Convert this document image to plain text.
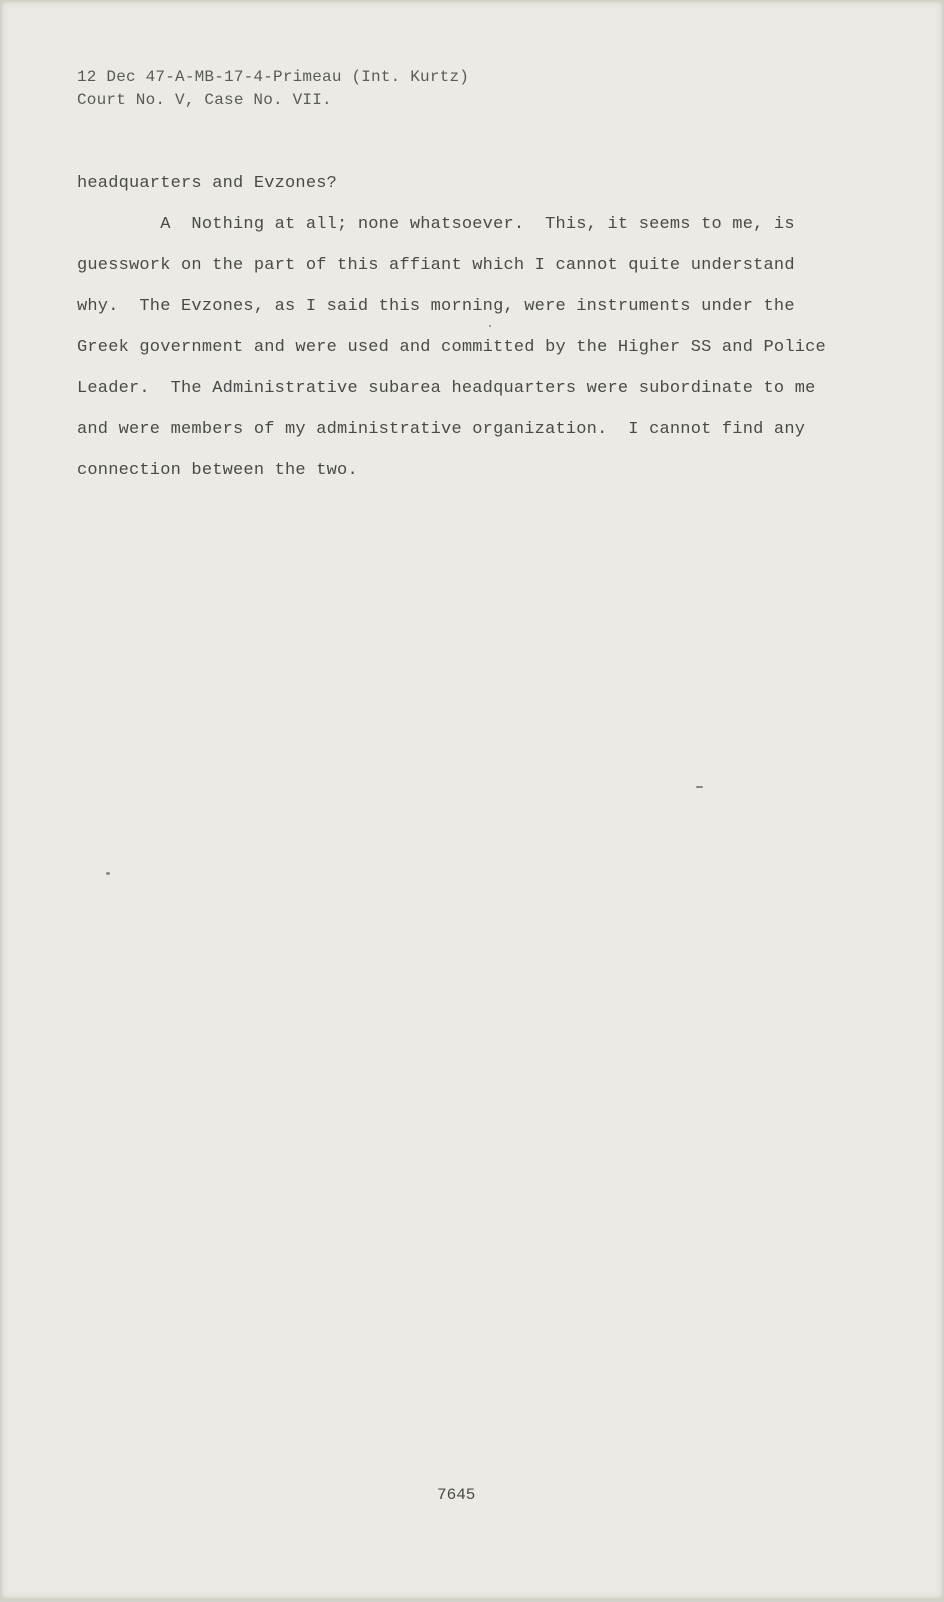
12 Dec 47-A-MB-17-4-Primeau (Int. Kurtz)
Court No. V, Case No. VII.
headquarters and Evzones?
A  Nothing at all; none whatsoever.  This, it seems to me, is
guesswork on the part of this affiant which I cannot quite understand
why.  The Evzones, as I said this morning, were instruments under the
Greek government and were used and committed by the Higher SS and Police
Leader.  The Administrative subarea headquarters were subordinate to me
and were members of my administrative organization.  I cannot find any
connection between the two.
7645
